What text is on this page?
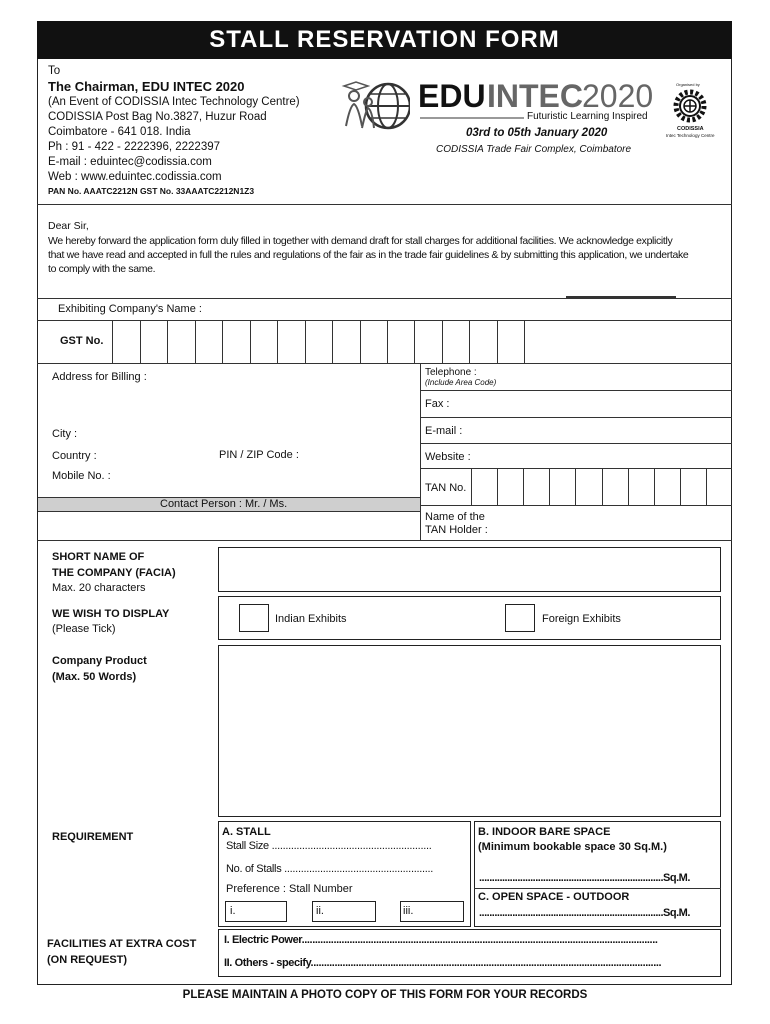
STALL RESERVATION FORM
To
The Chairman, EDU INTEC 2020
(An Event of CODISSIA Intec Technology Centre)
CODISSIA Post Bag No.3827, Huzur Road
Coimbatore - 641 018. India
Ph : 91 - 422 - 2222396, 2222397
E-mail : eduintec@codissia.com
Web : www.eduintec.codissia.com
PAN No. AAATC2212N GST No. 33AAATC2212N1Z3
EDU INTEC 2020
Futuristic Learning Inspired
03rd to 05th January 2020
CODISSIA Trade Fair Complex, Coimbatore
Organised by
CODISSIA
Intec Technology Centre
Dear Sir,
We hereby forward the application form duly filled in together with demand draft for stall charges for additional facilities. We acknowledge explicitly
that we have read and accepted in full the rules and regulations of the fair as in the trade fair guidelines & by submitting this application, we undertake
to comply with the same.
Exhibiting Company's Name :
GST No.
Address for Billing :
City :
Country :	PIN / ZIP Code :
Mobile No. :
Telephone :
(Include Area Code)
Fax :
E-mail :
Website :
TAN No.
Contact Person : Mr. / Ms.
Name of the
TAN Holder :
SHORT NAME OF
THE COMPANY (FACIA)
Max. 20 characters
WE WISH TO DISPLAY
(Please Tick)
Indian Exhibits	Foreign Exhibits
Company Product
(Max. 50 Words)
REQUIREMENT	A. STALL
Stall Size ..........................................................
No. of Stalls ......................................................
Preference : Stall Number
i.	ii.	iii.
B. INDOOR BARE SPACE
(Minimum bookable space 30 Sq.M.)
........................................................................Sq.M.
C. OPEN SPACE - OUTDOOR
........................................................................Sq.M.
FACILITIES AT EXTRA COST
(ON REQUEST)
I. Electric Power......................................................................................................................................
II. Others - specify....................................................................................................................................
PLEASE MAINTAIN A PHOTO COPY OF THIS FORM FOR YOUR RECORDS
